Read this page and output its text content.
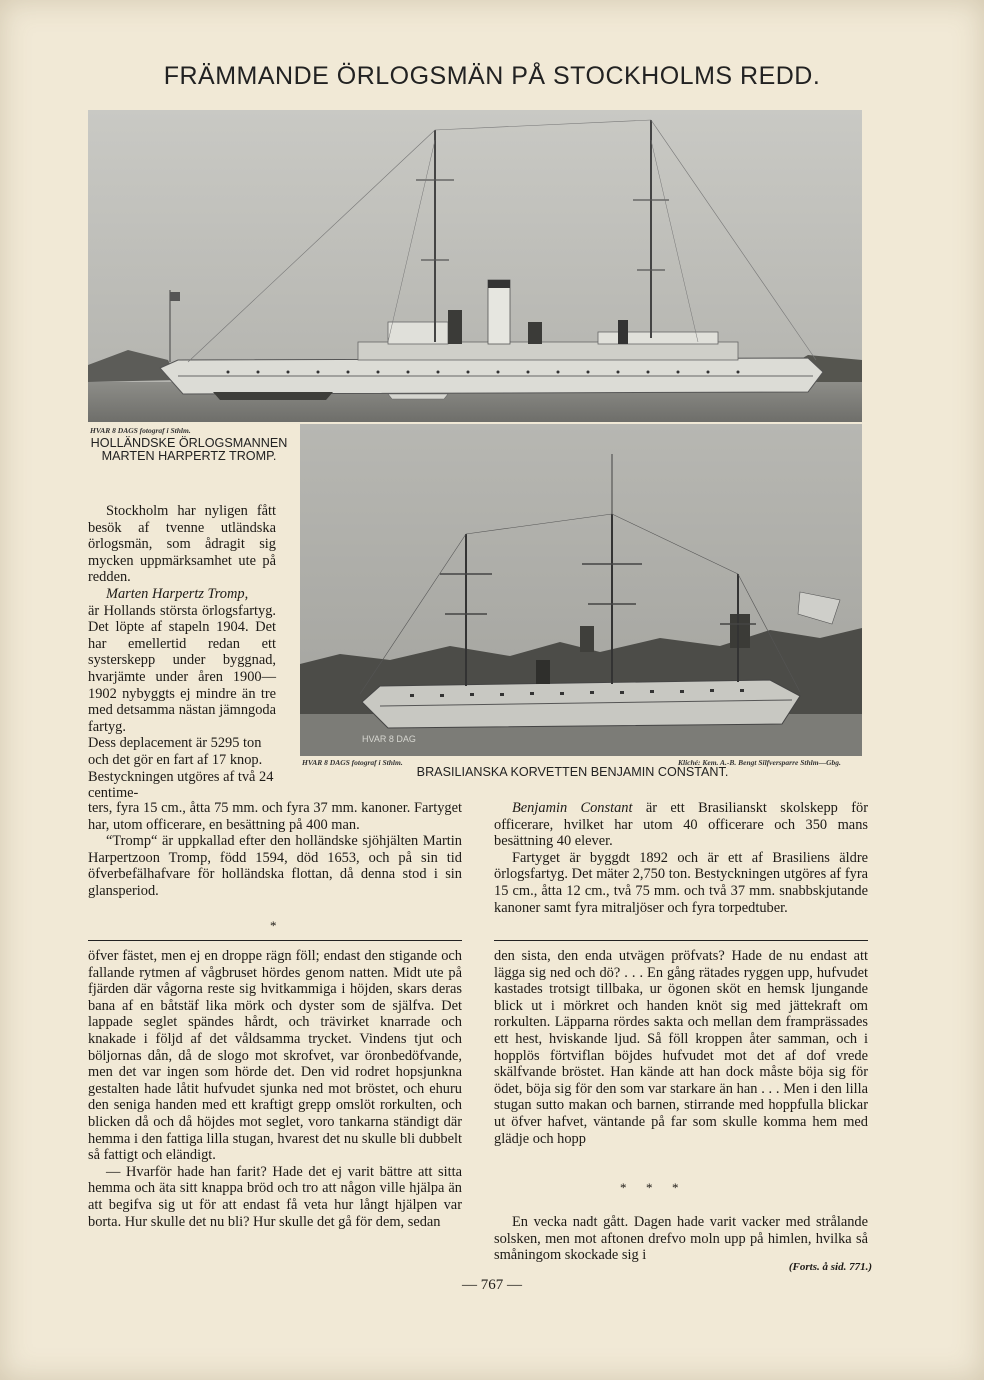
FRÄMMANDE ÖRLOGSMÄN PÅ STOCKHOLMS REDD.
HVAR 8 DAGS fotograf i Sthlm.
HOLLÄNDSKE ÖRLOGSMANNEN MARTEN HARPERTZ TROMP.
HVAR 8 DAG
HVAR 8 DAGS fotograf i Sthlm.	Kliché: Kem. A.-B. Bengt Silfversparre Sthlm—Gbg.
BRASILIANSKA KORVETTEN BENJAMIN CONSTANT.

Stockholm har nyligen fått besök af tvenne utländska örlogsmän, som ådragit sig mycken uppmärksamhet ute på redden.

Marten Harpertz Tromp,

är Hollands största örlogsfartyg. Det löpte af stapeln 1904. Det har emellertid redan ett systerskepp under byggnad, hvarjämte under åren 1900—1902 nybyggts ej mindre än tre med detsamma nästan jämngoda fartyg.

Dess deplacement är 5295 ton och det gör en fart af 17 knop. Bestyckningen utgöres af två 24 centime-

ters, fyra 15 cm., åtta 75 mm. och fyra 37 mm. kanoner. Fartyget har, utom officerare, en besättning på 400 man.

“Tromp“ är uppkallad efter den holländske sjöhjälten Martin Harpertzoon Tromp, född 1594, död 1653, och på sin tid öfverbefälhafvare för holländska flottan, då denna stod i sin glansperiod.

*

Benjamin Constant är ett Brasilianskt skolskepp för officerare, hvilket har utom 40 officerare och 350 mans besättning 40 elever.

Fartyget är byggdt 1892 och är ett af Brasiliens äldre örlogsfartyg. Det mäter 2,750 ton. Bestyckningen utgöres af fyra 15 cm., åtta 12 cm., två 75 mm. och två 37 mm. snabbskjutande kanoner samt fyra mitraljöser och fyra torpedtuber.

öfver fästet, men ej en droppe rägn föll; endast den stigande och fallande rytmen af vågbruset hördes genom natten. Midt ute på fjärden där vågorna reste sig hvitkammiga i höjden, skars deras bana af en båtstäf lika mörk och dyster som de själfva. Det lappade seglet spändes hårdt, och trävirket knarrade och knakade i följd af det våldsamma trycket. Vindens tjut och böljornas dån, då de slogo mot skrofvet, var öronbedöfvande, men det var ingen som hörde det. Den vid rodret hopsjunkna gestalten hade låtit hufvudet sjunka ned mot bröstet, och ehuru den seniga handen med ett kraftigt grepp omslöt rorkulten, och blicken då och då höjdes mot seglet, voro tankarna ständigt där hemma i den fattiga lilla stugan, hvarest det nu skulle bli dubbelt så fattigt och eländigt.

— Hvarför hade han farit? Hade det ej varit bättre att sitta hemma och äta sitt knappa bröd och tro att någon ville hjälpa än att begifva sig ut för att endast få veta hur långt hjälpen var borta. Hur skulle det nu bli? Hur skulle det gå för dem, sedan

den sista, den enda utvägen pröfvats? Hade de nu endast att lägga sig ned och dö? . . . En gång rätades ryggen upp, hufvudet kastades trotsigt tillbaka, ur ögonen sköt en hemsk ljungande blick ut i mörkret och handen knöt sig med jättekraft om rorkulten. Läpparna rördes sakta och mellan dem framprässades ett hest, hviskande ljud. Så föll kroppen åter samman, och i hopplös förtviflan böjdes hufvudet mot det af dof vrede skälfvande bröstet. Han kände att han dock måste böja sig för ödet, böja sig för den som var starkare än han . . . Men i den lilla stugan sutto makan och barnen, stirrande med hoppfulla blickar ut öfver hafvet, väntande på far som skulle komma hem med glädje och hopp

*      *      *

En vecka nadt gått. Dagen hade varit vacker med strålande solsken, men mot aftonen drefvo moln upp på himlen, hvilka så småningom skockade sig i

(Forts. å sid. 771.)
— 767 —
